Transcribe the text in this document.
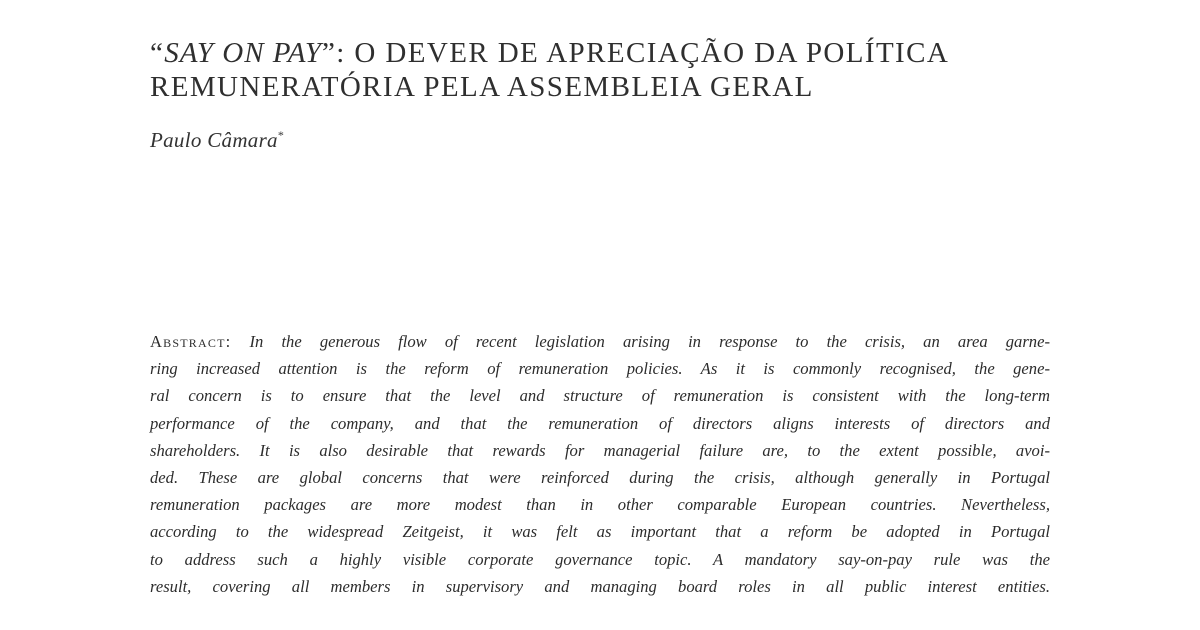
“SAY ON PAY”: O DEVER DE APRECIAÇÃO DA POLÍTICA
REMUNERATÓRIA PELA ASSEMBLEIA GERAL
Paulo Câmara*
Abstract: In the generous flow of recent legislation arising in response to the crisis, an area garne-
ring increased attention is the reform of remuneration policies. As it is commonly recognised, the gene-
ral concern is to ensure that the level and structure of remuneration is consistent with the long-term
performance of the company, and that the remuneration of directors aligns interests of directors and
shareholders. It is also desirable that rewards for managerial failure are, to the extent possible, avoi-
ded. These are global concerns that were reinforced during the crisis, although generally in Portugal
remuneration packages are more modest than in other comparable European countries. Nevertheless,
according to the widespread Zeitgeist, it was felt as important that a reform be adopted in Portugal
to address such a highly visible corporate governance topic. A mandatory say-on-pay rule was the
result, covering all members in supervisory and managing board roles in all public interest entities.
